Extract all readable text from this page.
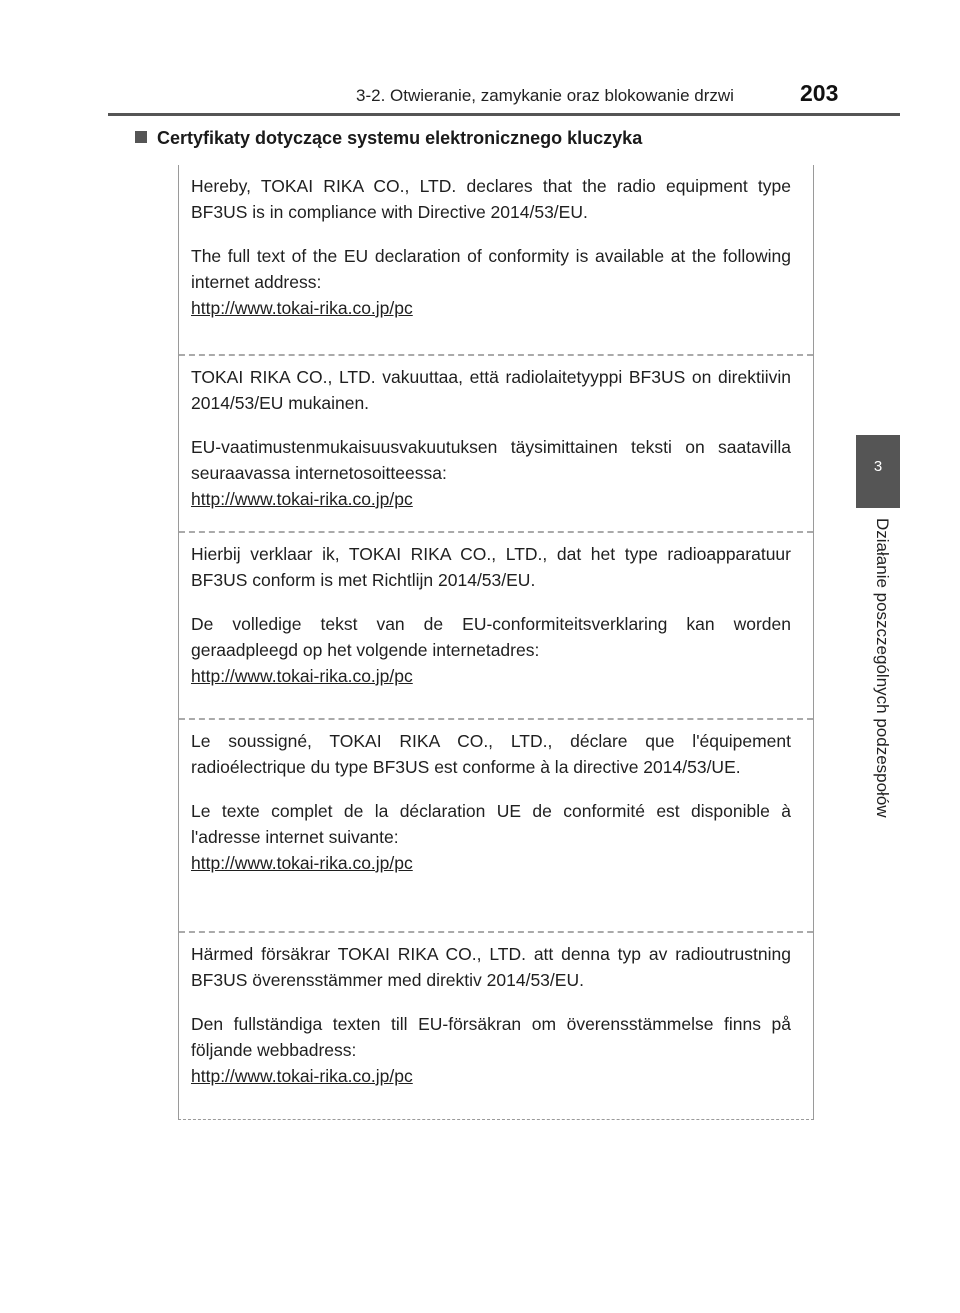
3-2. Otwieranie, zamykanie oraz blokowanie drzwi	203
Certyfikaty dotyczące systemu elektronicznego kluczyka
3
Działanie poszczególnych podzespołów

Hereby, TOKAI RIKA CO., LTD. declares that the radio equipment type BF3US is in compliance with Directive 2014/53/EU.

The full text of the EU declaration of conformity is available at the following internet address:

http://www.tokai-rika.co.jp/pc

TOKAI RIKA CO., LTD. vakuuttaa, että radiolaitetyyppi BF3US on direktiivin 2014/53/EU mukainen.

EU-vaatimustenmukaisuusvakuutuksen täysimittainen teksti on saatavilla seuraavassa internetosoitteessa:

http://www.tokai-rika.co.jp/pc

Hierbij verklaar ik, TOKAI RIKA CO., LTD., dat het type radioapparatuur BF3US conform is met Richtlijn 2014/53/EU.

De volledige tekst van de EU-conformiteitsverklaring kan worden geraadpleegd op het volgende internetadres:

http://www.tokai-rika.co.jp/pc

Le soussigné, TOKAI RIKA CO., LTD., déclare que l'équipement radioélectrique du type BF3US est conforme à la directive 2014/53/UE.

Le texte complet de la déclaration UE de conformité est disponible à l'adresse internet suivante:

http://www.tokai-rika.co.jp/pc

Härmed försäkrar TOKAI RIKA CO., LTD. att denna typ av radioutrustning BF3US överensstämmer med direktiv 2014/53/EU.

Den fullständiga texten till EU-försäkran om överensstämmelse finns på följande webbadress:

http://www.tokai-rika.co.jp/pc
